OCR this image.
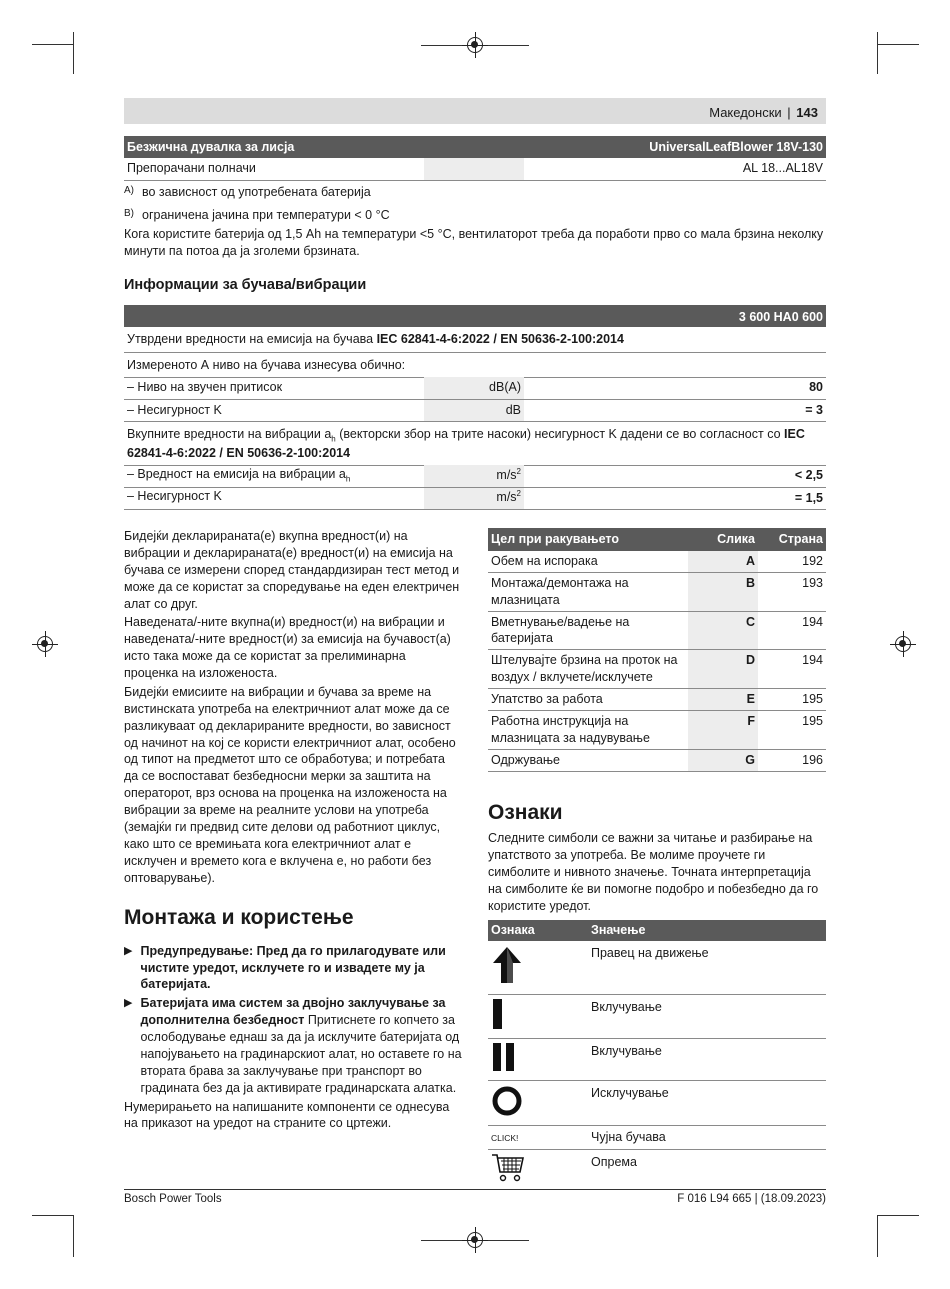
Македонски | 143
Безжична дувалка за лисја		UniversalLeafBlower 18V-130
Препорачани полначи		AL 18...AL18V
A) во зависност од употребената батерија
B) ограничена јачина при температури < 0 °C
Кога користите батерија од 1,5 Ah на температури <5 °C, вентилаторот треба да поработи прво со мала брзина неколку минути па потоа да ја зголеми брзината.
Информации за бучава/вибрации
3 600 HA0 600
Утврдени вредности на емисија на бучава IEC 62841-4-6:2022 / EN 50636-2-100:2014
Измереното А ниво на бучава изнесува обично:
– Ниво на звучен притисок	dB(A)	80
– Несигурност K	dB	= 3
Вкупните вредности на вибрации $a_h$ (векторски збор на трите насоки) несигурност K дадени се во согласност со IEC 62841-4-6:2022 / EN 50636-2-100:2014
– Вредност на емисија на вибрации $a_h$	$m/s^2$	< 2,5
– Несигурност K	$m/s^2$	= 1,5

Бидејќи декларираната(е) вкупна вредност(и) на вибрации и декларираната(е) вредност(и) на емисија на бучава се измерени според стандардизиран тест метод и може да се користат за споредување на еден електричен алат со друг.

Наведената/-ните вкупна(и) вредност(и) на вибрации и наведената/-ните вредност(и) за емисија на бучавост(а) исто така може да се користат за прелиминарна проценка на изложеноста.

Бидејќи емисиите на вибрации и бучава за време на вистинската употреба на електричниот алат може да се разликуваат од декларираните вредности, во зависност од начинот на кој се користи електричниот алат, особено од типот на предметот што се обработува; и потребата да се воспостават безбедносни мерки за заштита на операторот, врз основа на проценка на изложеноста на вибрации за време на реалните услови на употреба (земајќи ги предвид сите делови од работниот циклус, како што се времињата кога електричниот алат е исклучен и времето кога е вклучена е, но работи без оптоварување).

Монтажа и користење
▶ Предупредување: Пред да го прилагодувате или чистите уредот, исклучете го и извадете му ја батеријата.
▶ Батеријата има систем за двојно заклучување за дополнителна безбедност Притиснете го копчето за ослободување еднаш за да ја исклучите батеријата од напојувањето на градинарскиот алат, но оставете го на втората брава за заклучување при транспорт во градината без да ја активирате градинарската алатка.

Нумерирањето на напишаните компоненти се однесува на приказот на уредот на страните со цртежи.

Цел при ракувањето	Слика	Страна
Обем на испорака	A	192
Монтажа/демонтажа на млазницата	B	193
Вметнување/вадење на батеријата	C	194
Штелувајте брзина на проток на воздух / вклучете/исклучете	D	194
Упатство за работа	E	195
Работна инструкција на млазницата за надувување	F	195
Одржување	G	196
Ознаки
Следните симболи се важни за читање и разбирање на упатството за употреба. Ве молиме проучете ги симболите и нивното значење. Точната интерпретација на симболите ќе ви помогне подобро и побезбедно да го користите уредот.
Ознака	Значење
	Правец на движење
	Вклучување
	Вклучување
	Исклучување
CLICK!	Чујна бучава
	Опрема
Bosch Power Tools	F 016 L94 665 | (18.09.2023)
